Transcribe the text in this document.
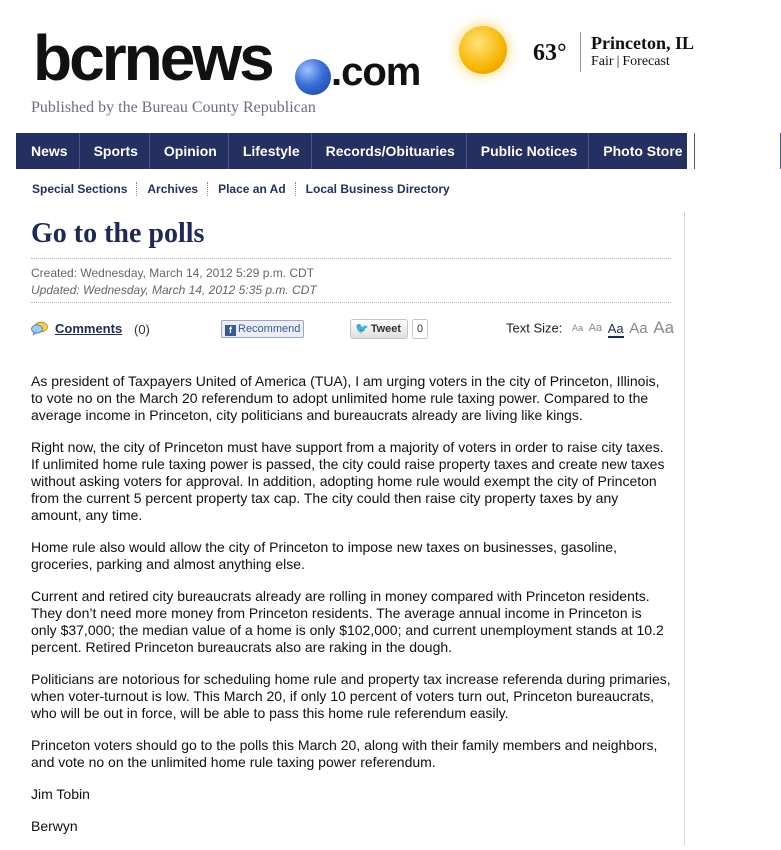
bcrnews .com
Published by the Bureau County Republican
63° Princeton, IL
Fair | Forecast
News	Sports	Opinion	Lifestyle	Records/Obituaries	Public Notices	Photo Store	Contests
Special Sections	Archives	Place an Ad	Local Business Directory
Go to the polls
Created: Wednesday, March 14, 2012 5:29 p.m. CDT
Updated: Wednesday, March 14, 2012 5:35 p.m. CDT
Comments (0)	f Recommend	🐦 Tweet	0	Text Size: Aa Aa Aa Aa Aa

As president of Taxpayers United of America (TUA), I am urging voters in the city of Princeton, Illinois, to vote no on the March 20 referendum to adopt unlimited home rule taxing power. Compared to the average income in Princeton, city politicians and bureaucrats already are living like kings.

Right now, the city of Princeton must have support from a majority of voters in order to raise city taxes. If unlimited home rule taxing power is passed, the city could raise property taxes and create new taxes without asking voters for approval. In addition, adopting home rule would exempt the city of Princeton from the current 5 percent property tax cap. The city could then raise city property taxes by any amount, any time.

Home rule also would allow the city of Princeton to impose new taxes on businesses, gasoline, groceries, parking and almost anything else.

Current and retired city bureaucrats already are rolling in money compared with Princeton residents. They don’t need more money from Princeton residents. The average annual income in Princeton is only $37,000; the median value of a home is only $102,000; and current unemployment stands at 10.2 percent. Retired Princeton bureaucrats also are raking in the dough.

Politicians are notorious for scheduling home rule and property tax increase referenda during primaries, when voter-turnout is low. This March 20, if only 10 percent of voters turn out, Princeton bureaucrats, who will be out in force, will be able to pass this home rule referendum easily.

Princeton voters should go to the polls this March 20, along with their family members and neighbors, and vote no on the unlimited home rule taxing power referendum.

Jim Tobin

Berwyn
